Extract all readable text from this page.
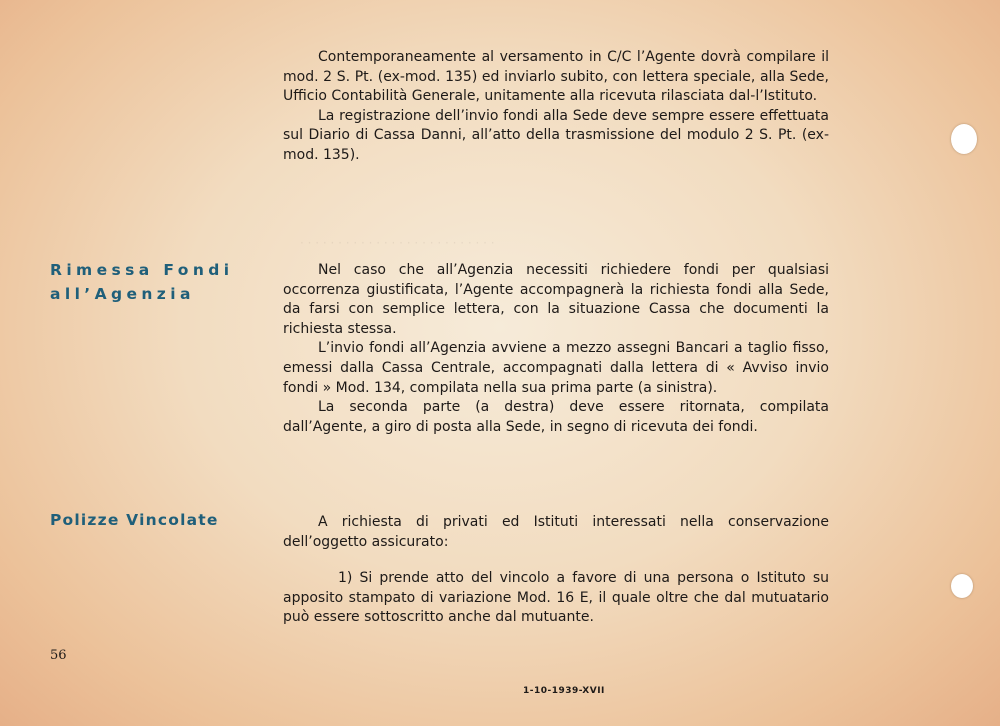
· · · · · · · · · · · · · · · · · · · · · · · · · ·

Contemporaneamente al versamento in C/C l’Agente dovrà compilare il mod. 2 S. Pt. (ex-mod. 135) ed inviarlo subito, con lettera speciale, alla Sede, Ufficio Contabilità Generale, unitamente alla ricevuta rilasciata dal-l’Istituto.

La registrazione dell’invio fondi alla Sede deve sempre essere effettuata sul Diario di Cassa Danni, all’atto della trasmissione del modulo 2 S. Pt. (ex-mod. 135).

Rimessa Fondi
all’Agenzia

Nel caso che all’Agenzia necessiti richiedere fondi per qualsiasi occorrenza giustificata, l’Agente accompagnerà la richiesta fondi alla Sede, da farsi con semplice lettera, con la situazione Cassa che documenti la richiesta stessa.

L’invio fondi all’Agenzia avviene a mezzo assegni Bancari a taglio fisso, emessi dalla Cassa Centrale, accompagnati dalla lettera di « Avviso invio fondi » Mod. 134, compilata nella sua prima parte (a sinistra).

La seconda parte (a destra) deve essere ritornata, compilata dall’Agente, a giro di posta alla Sede, in segno di ricevuta dei fondi.

Polizze Vincolate	A richiesta di privati ed Istituti interessati nella conservazione dell’oggetto assicurato:

1) Si prende atto del vincolo a favore di una persona o Istituto su apposito stampato di variazione Mod. 16 E, il quale oltre che dal mutuatario può essere sottoscritto anche dal mutuante.

56
1-10-1939-XVII
